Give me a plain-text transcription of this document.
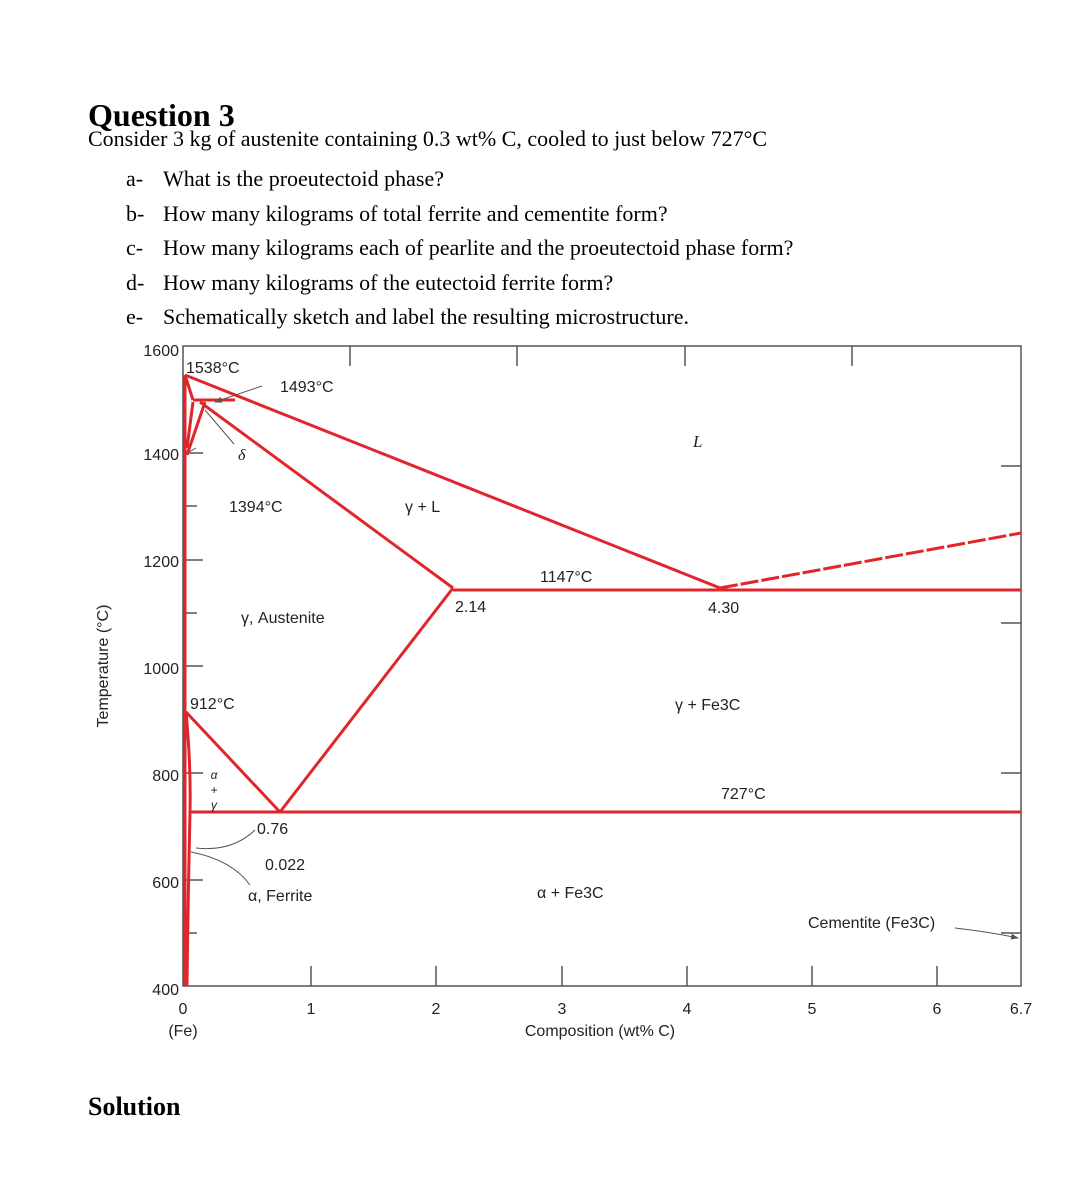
Question 3
Consider 3 kg of austenite containing 0.3 wt% C, cooled to just below 727°C
a- What is the proeutectoid phase?
b- How many kilograms of total ferrite and cementite form?
c- How many kilograms each of pearlite and the proeutectoid phase form?
d- How many kilograms of the eutectoid ferrite form?
e- Schematically sketch and label the resulting microstructure.
1600
1400
1200
1000
800
600
400
0	1	2	3	4	5	6	6.7
(Fe)	Composition (wt% C)
Temperature (°C)
1538°C
1493°C
1394°C
1147°C
2.14	4.30
912°C
727°C
0.76
0.022
L
δ
γ + L
γ, Austenite
γ + Fe3C
α + Fe3C
α, Ferrite
Cementite (Fe3C)
α
+
γ
Solution
